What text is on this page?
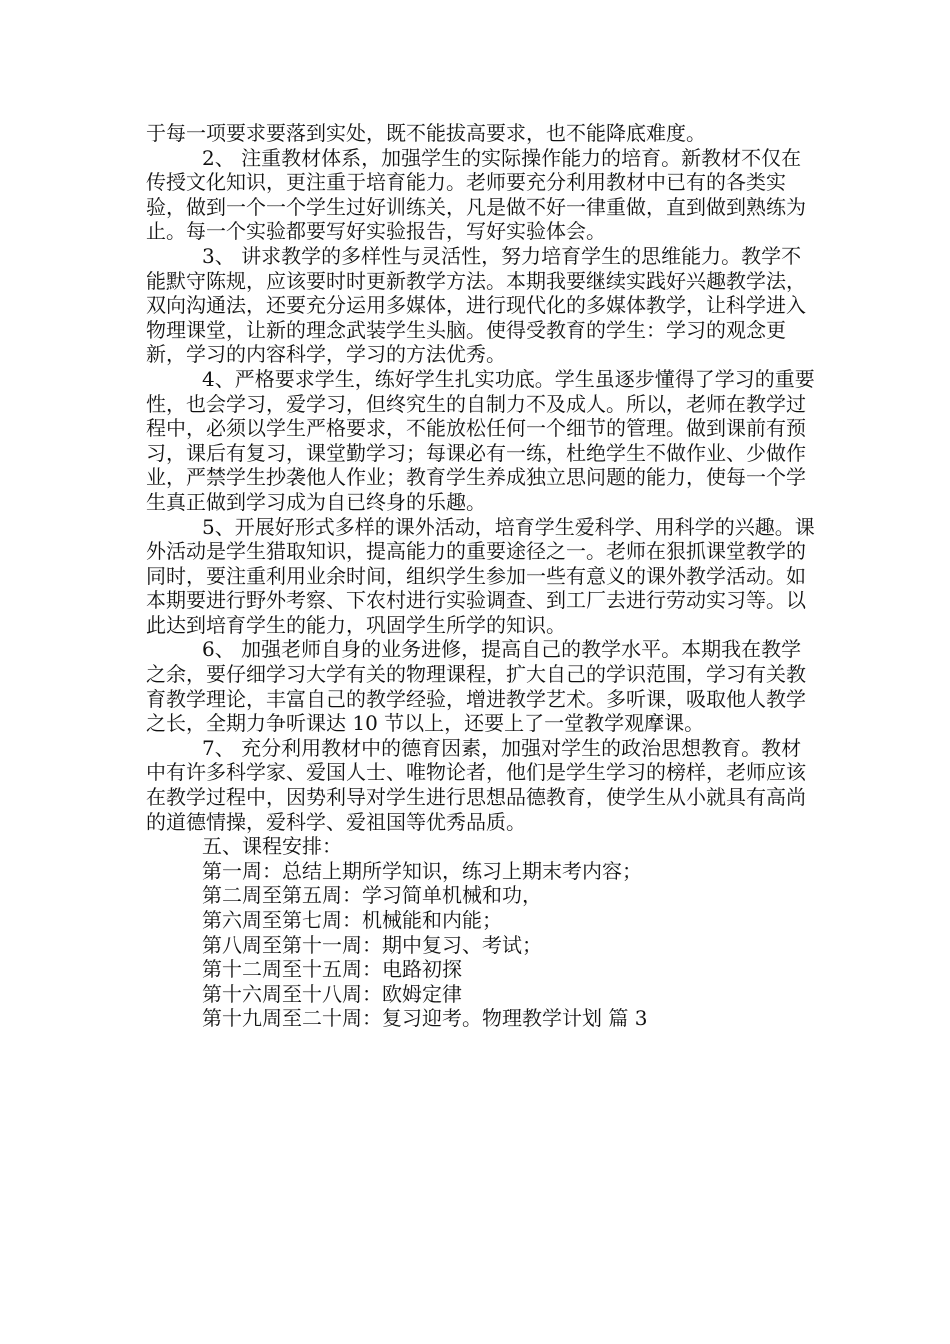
于每一项要求要落到实处，既不能拔高要求，也不能降底难度。

2、 注重教材体系，加强学生的实际操作能力的培育。新教材不仅在传授文化知识，更注重于培育能力。老师要充分利用教材中已有的各类实验，做到一个一个学生过好训练关，凡是做不好一律重做，直到做到熟练为止。每一个实验都要写好实验报告，写好实验体会。

3、 讲求教学的多样性与灵活性，努力培育学生的思维能力。教学不能默守陈规，应该要时时更新教学方法。本期我要继续实践好兴趣教学法，双向沟通法，还要充分运用多媒体，进行现代化的多媒体教学，让科学进入物理课堂，让新的理念武装学生头脑。使得受教育的学生：学习的观念更新，学习的内容科学，学习的方法优秀。

4、严格要求学生，练好学生扎实功底。学生虽逐步懂得了学习的重要性，也会学习，爱学习，但终究生的自制力不及成人。所以，老师在教学过程中，必须以学生严格要求，不能放松任何一个细节的管理。做到课前有预习，课后有复习，课堂勤学习；每课必有一练，杜绝学生不做作业、少做作业，严禁学生抄袭他人作业；教育学生养成独立思问题的能力，使每一个学生真正做到学习成为自已终身的乐趣。

5、开展好形式多样的课外活动，培育学生爱科学、用科学的兴趣。课外活动是学生猎取知识，提高能力的重要途径之一。老师在狠抓课堂教学的同时，要注重利用业余时间，组织学生参加一些有意义的课外教学活动。如本期要进行野外考察、下农村进行实验调查、到工厂去进行劳动实习等。以此达到培育学生的能力，巩固学生所学的知识。

6、 加强老师自身的业务进修，提高自己的教学水平。本期我在教学之余，要仔细学习大学有关的物理课程，扩大自己的学识范围，学习有关教育教学理论，丰富自己的教学经验，增进教学艺术。多听课，吸取他人教学之长，全期力争听课达 10 节以上，还要上了一堂教学观摩课。

7、 充分利用教材中的德育因素，加强对学生的政治思想教育。教材中有许多科学家、爱国人士、唯物论者，他们是学生学习的榜样，老师应该在教学过程中，因势利导对学生进行思想品德教育，使学生从小就具有高尚的道德情操，爱科学、爱祖国等优秀品质。

五、课程安排：

第一周：总结上期所学知识，练习上期末考内容；

第二周至第五周：学习简单机械和功，

第六周至第七周：机械能和内能；

第八周至第十一周：期中复习、考试；

第十二周至十五周：电路初探

第十六周至十八周：欧姆定律

第十九周至二十周：复习迎考。物理教学计划 篇 3
